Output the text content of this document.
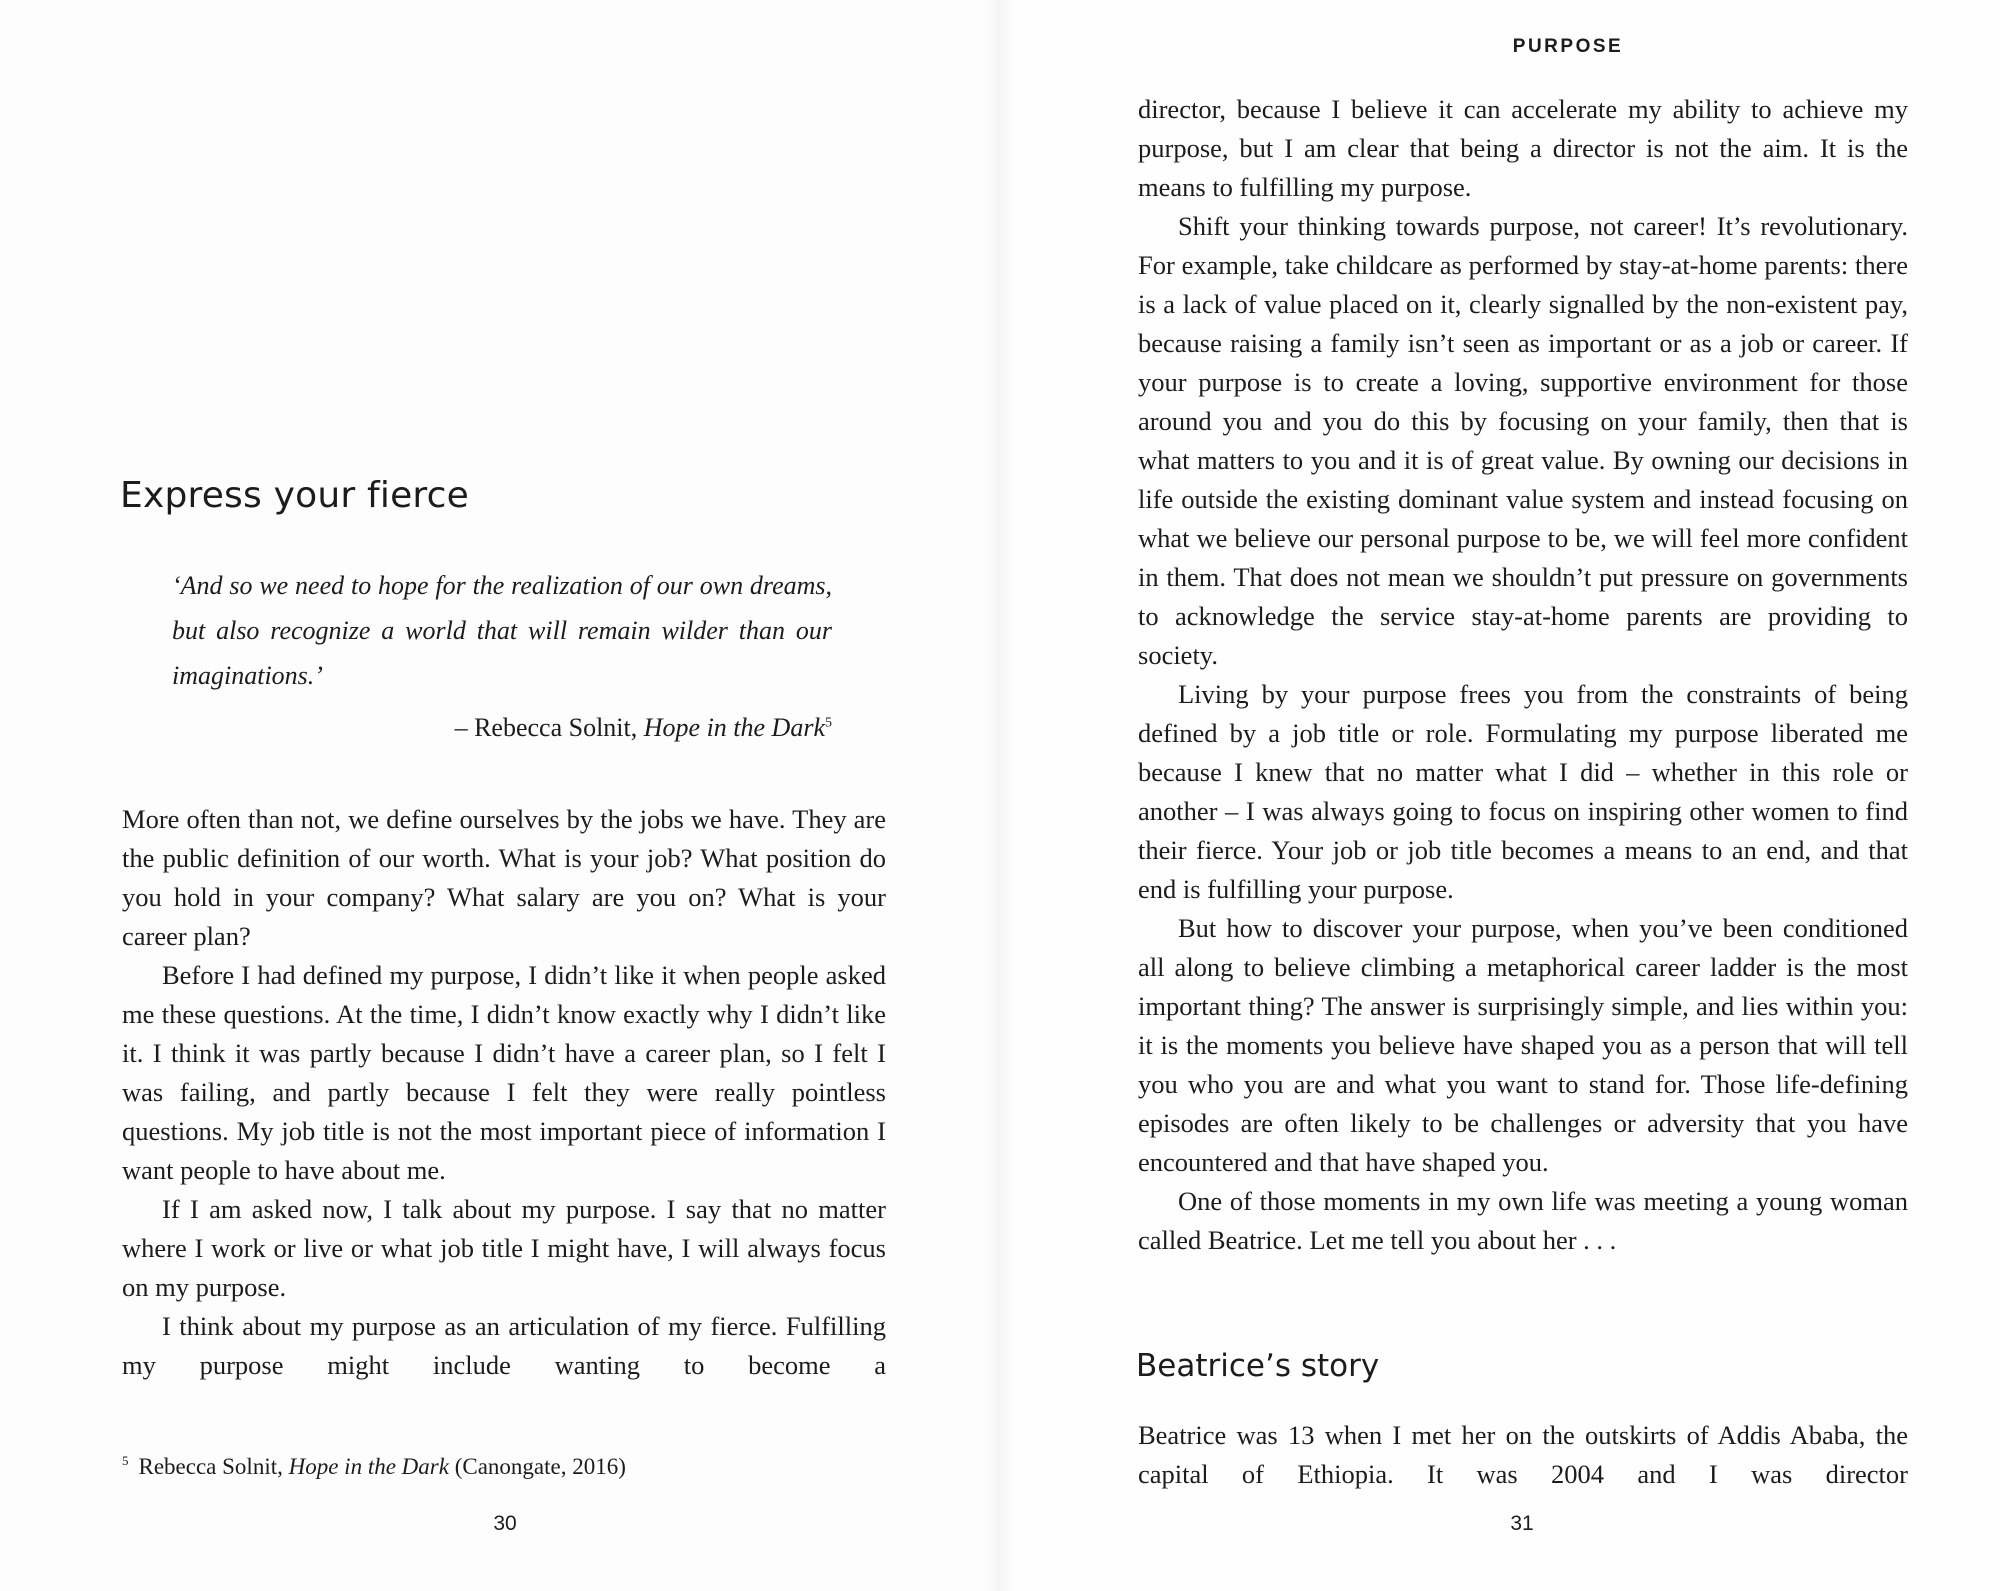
Express your fierce

‘And so we need to hope for the realization of our own dreams, but also recognize a world that will remain wilder than our imaginations.’

– Rebecca Solnit, Hope in the Dark$^5$

More often than not, we define ourselves by the jobs we have. They are the public definition of our worth. What is your job? What position do you hold in your company? What salary are you on? What is your career plan?

Before I had defined my purpose, I didn’t like it when people asked me these questions. At the time, I didn’t know exactly why I didn’t like it. I think it was partly because I didn’t have a career plan, so I felt I was failing, and partly because I felt they were really pointless questions. My job title is not the most important piece of information I want people to have about me.

If I am asked now, I talk about my purpose. I say that no matter where I work or live or what job title I might have, I will always focus on my purpose.

I think about my purpose as an articulation of my fierce. Fulfilling my purpose might include wanting to become a

$^5$ Rebecca Solnit, Hope in the Dark (Canongate, 2016)
30
PURPOSE

director, because I believe it can accelerate my ability to achieve my purpose, but I am clear that being a director is not the aim. It is the means to fulfilling my purpose.

Shift your thinking towards purpose, not career! It’s revolutionary. For example, take childcare as performed by stay-at-home parents: there is a lack of value placed on it, clearly signalled by the non-existent pay, because raising a family isn’t seen as important or as a job or career. If your purpose is to create a loving, supportive environment for those around you and you do this by focusing on your family, then that is what matters to you and it is of great value. By owning our decisions in life outside the existing dominant value system and instead focusing on what we believe our personal purpose to be, we will feel more confident in them. That does not mean we shouldn’t put pressure on governments to acknowledge the service stay-at-home parents are providing to society.

Living by your purpose frees you from the constraints of being defined by a job title or role. Formulating my purpose liberated me because I knew that no matter what I did – whether in this role or another – I was always going to focus on inspiring other women to find their fierce. Your job or job title becomes a means to an end, and that end is fulfilling your purpose.

But how to discover your purpose, when you’ve been conditioned all along to believe climbing a metaphorical career ladder is the most important thing? The answer is surprisingly simple, and lies within you: it is the moments you believe have shaped you as a person that will tell you who you are and what you want to stand for. Those life-defining episodes are often likely to be challenges or adversity that you have encountered and that have shaped you.

One of those moments in my own life was meeting a young woman called Beatrice. Let me tell you about her . . .

Beatrice’s story

Beatrice was 13 when I met her on the outskirts of Addis Ababa, the capital of Ethiopia. It was 2004 and I was director

31
